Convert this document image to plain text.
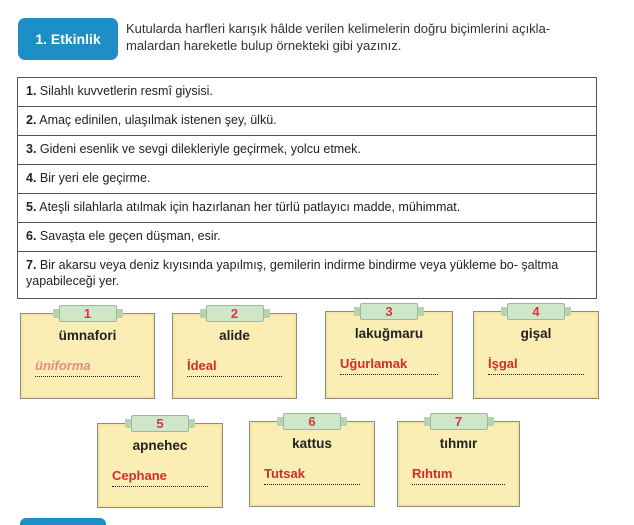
1. Etkinlik
Kutularda harfleri karışık hâlde verilen kelimelerin doğru biçimlerini açıkla- malardan hareketle bulup örnekteki gibi yazınız.
1. Silahlı kuvvetlerin resmî giysisi.
2. Amaç edinilen, ulaşılmak istenen şey, ülkü.
3. Gideni esenlik ve sevgi dilekleriyle geçirmek, yolcu etmek.
4. Bir yeri ele geçirme.
5. Ateşli silahlarla atılmak için hazırlanan her türlü patlayıcı madde, mühimmat.
6. Savaşta ele geçen düşman, esir.
7. Bir akarsu veya deniz kıyısında yapılmış, gemilerin indirme bindirme veya yükleme bo- şaltma yapabileceği yer.
1
ümnafori
üniforma
2
alide
İdeal
3
lakuğmaru
Uğurlamak
4
gişal
İşgal
5
apnehec
Cephane
6
kattus
Tutsak
7
tıhmır
Rıhtım
